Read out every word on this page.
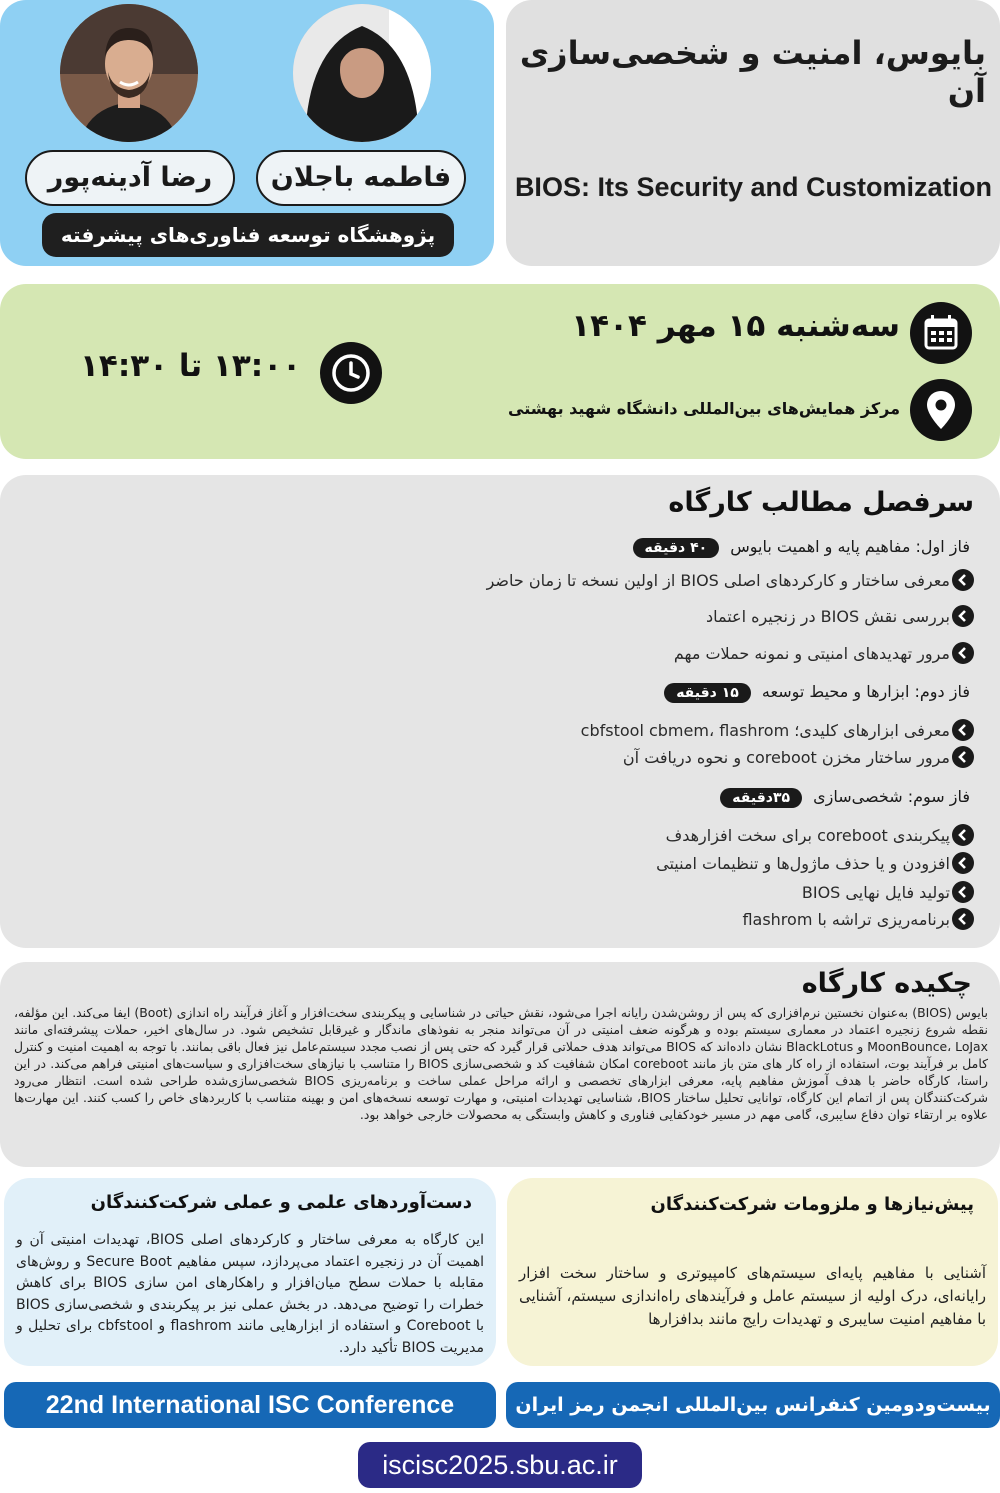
فاطمه باجلان
رضا آدینه‌پور
پژوهشگاه توسعه فناوری‌های پیشرفته
بایوس، امنیت و شخصی‌سازی آن
BIOS: Its Security and Customization
سه‌شنبه ۱۵ مهر ۱۴۰۴
مرکز همایش‌های بین‌المللی دانشگاه شهید بهشتی
۱۳:۰۰ تا ۱۴:۳۰
سرفصل مطالب کارگاه
فاز اول: مفاهیم پایه و اهمیت بایوس ۴۰ دقیقه
معرفی ساختار و کارکردهای اصلی BIOS از اولین نسخه تا زمان حاضر
بررسی نقش BIOS در زنجیره اعتماد
مرور تهدیدهای امنیتی و نمونه حملات مهم
فاز دوم: ابزارها و محیط توسعه ۱۵ دقیقه
معرفی ابزارهای کلیدی؛ cbfstool cbmem، flashrom
مرور ساختار مخزن coreboot و نحوه دریافت آن
فاز سوم: شخصی‌سازی ۳۵دقیقه
پیکربندی coreboot برای سخت افزارهدف
افزودن و یا حذف ماژول‌ها و تنظیمات امنیتی
تولید فایل نهایی BIOS
برنامه‌ریزی تراشه با flashrom
چکیده کارگاه
بایوس (BIOS) به‌عنوان نخستین نرم‌افزاری که پس از روشن‌شدن رایانه اجرا می‌شود، نقش حیاتی در شناسایی و پیکربندی سخت‌افزار و آغاز فرآیند راه اندازی (Boot) ایفا می‌کند. این مؤلفه، نقطه شروع زنجیره اعتماد در معماری سیستم بوده و هرگونه ضعف امنیتی در آن می‌تواند منجر به نفوذهای ماندگار و غیرقابل تشخیص شود. در سال‌های اخیر، حملات پیشرفته‌ای مانند MoonBounce، LoJax و BlackLotus نشان داده‌اند که BIOS می‌تواند هدف حملاتی قرار گیرد که حتی پس از نصب مجدد سیستم‌عامل نیز فعال باقی بمانند. با توجه به اهمیت امنیت و کنترل کامل بر فرآیند بوت، استفاده از راه کار های متن باز مانند coreboot امکان شفافیت کد و شخصی‌سازی BIOS را متناسب با نیازهای سخت‌افزاری و سیاست‌های امنیتی فراهم می‌کند. در این راستا، کارگاه حاضر با هدف آموزش مفاهیم پایه، معرفی ابزارهای تخصصی و ارائه مراحل عملی ساخت و برنامه‌ریزی BIOS شخصی‌سازی‌شده طراحی شده است. انتظار می‌رود شرکت‌کنندگان پس از اتمام این کارگاه، توانایی تحلیل ساختار BIOS، شناسایی تهدیدات امنیتی، و مهارت توسعه نسخه‌های امن و بهینه متناسب با کاربردهای خاص را کسب کنند. این مهارت‌ها علاوه بر ارتقاء توان دفاع سایبری، گامی مهم در مسیر خودکفایی فناوری و کاهش وابستگی به محصولات خارجی خواهد بود.
پیش‌نیازها و ملزومات شرکت‌کنندگان
آشنایی با مفاهیم پایه‌ای سیستم‌های کامپیوتری و ساختار سخت افزار رایانه‌ای، درک اولیه از سیستم عامل و فرآیندهای راه‌اندازی سیستم، آشنایی با مفاهیم امنیت سایبری و تهدیدات رایج مانند بدافزارها
دست‌آوردهای علمی و عملی شرکت‌کنندگان
این کارگاه به معرفی ساختار و کارکردهای اصلی BIOS، تهدیدات امنیتی آن و اهمیت آن در زنجیره اعتماد می‌پردازد، سپس مفاهیم Secure Boot و روش‌های مقابله با حملات سطح میان‌افزار و راهکارهای امن سازی BIOS برای کاهش خطرات را توضیح می‌دهد. در بخش عملی نیز بر پیکربندی و شخصی‌سازی BIOS با Coreboot و استفاده از ابزارهایی مانند flashrom و cbfstool برای تحلیل و مدیریت BIOS تأکید دارد.
بیست‌ودومین کنفرانس بین‌المللی انجمن رمز ایران
22nd International ISC Conference
iscisc2025.sbu.ac.ir
